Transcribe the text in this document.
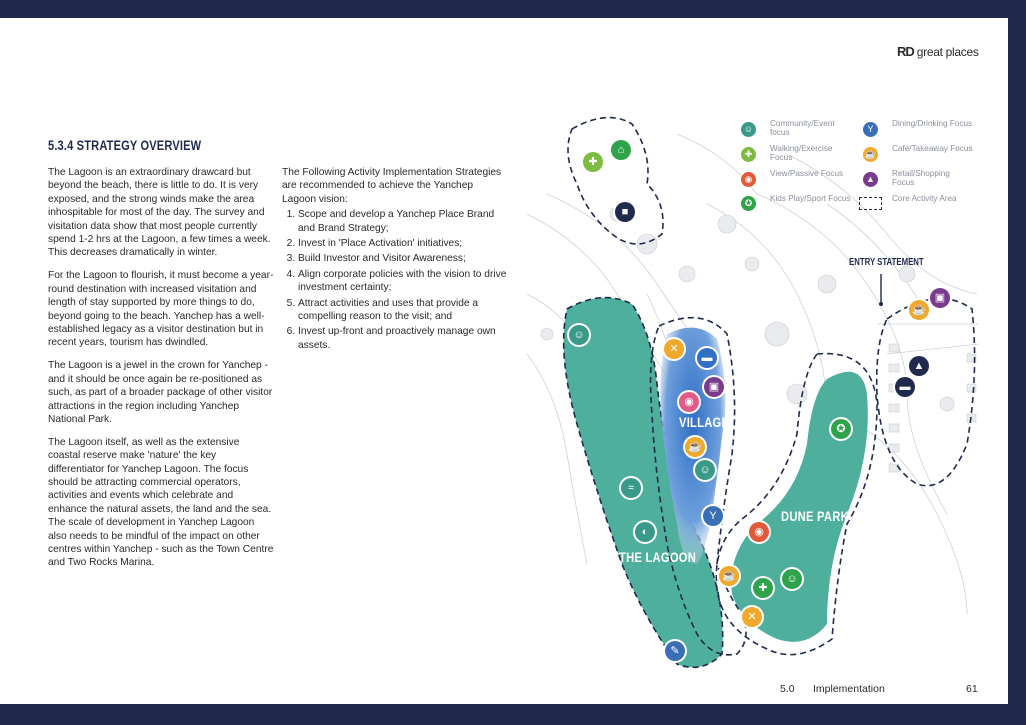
RD great places
5.3.4 STRATEGY OVERVIEW

The Lagoon is an extraordinary drawcard but beyond the beach, there is little to do. It is very exposed, and the strong winds make the area inhospitable for most of the day. The survey and visitation data show that most people currently spend 1-2 hrs at the Lagoon, a few times a week. This decreases dramatically in winter.

For the Lagoon to flourish, it must become a year-round destination with increased visitation and length of stay supported by more things to do, beyond going to the beach. Yanchep has a well-established legacy as a visitor destination but in recent years, tourism has dwindled.

The Lagoon is a jewel in the crown for Yanchep - and it should be once again be re-positioned as such, as part of a broader package of other visitor attractions in the region including Yanchep National Park.

The Lagoon itself, as well as the extensive coastal reserve make 'nature' the key differentiator for Yanchep Lagoon. The focus should be attracting commercial operators, activities and events which celebrate and enhance the natural assets, the land and the sea. The scale of development in Yanchep Lagoon also needs to be mindful of the impact on other centres within Yanchep - such as the Town Centre and Two Rocks Marina.

The Following Activity Implementation Strategies are recommended to achieve the Yanchep Lagoon vision:

1. Scope and develop a Yanchep Place Brand and Brand Strategy;
2. Invest in 'Place Activation' initiatives;
3. Build Investor and Visitor Awareness;
4. Align corporate policies with the vision to drive investment certainty;
5. Attract activities and uses that provide a compelling reason to the visit; and
6. Invest up-front and proactively manage own assets.
ENTRY STATEMENT
VILLAGE
DUNE PARK
THE LAGOON
☺
Community/Event focus
✚
Walking/Exercise Focus
◉
View/Passive Focus
✪	Kids Play/Sport Focus
Y
Dining/Drinking Focus
☕
Cafe/Takeaway Focus
▲
Retail/Shopping Focus
Core Activity Area
⌂
✚
■
☺
≈
◐
✎
✕
▬
▣
◉
☕
☺
Y
✪
◉
☕	☺
✚
✕
▣
☕
▲
▬
5.0 Implementation	61
